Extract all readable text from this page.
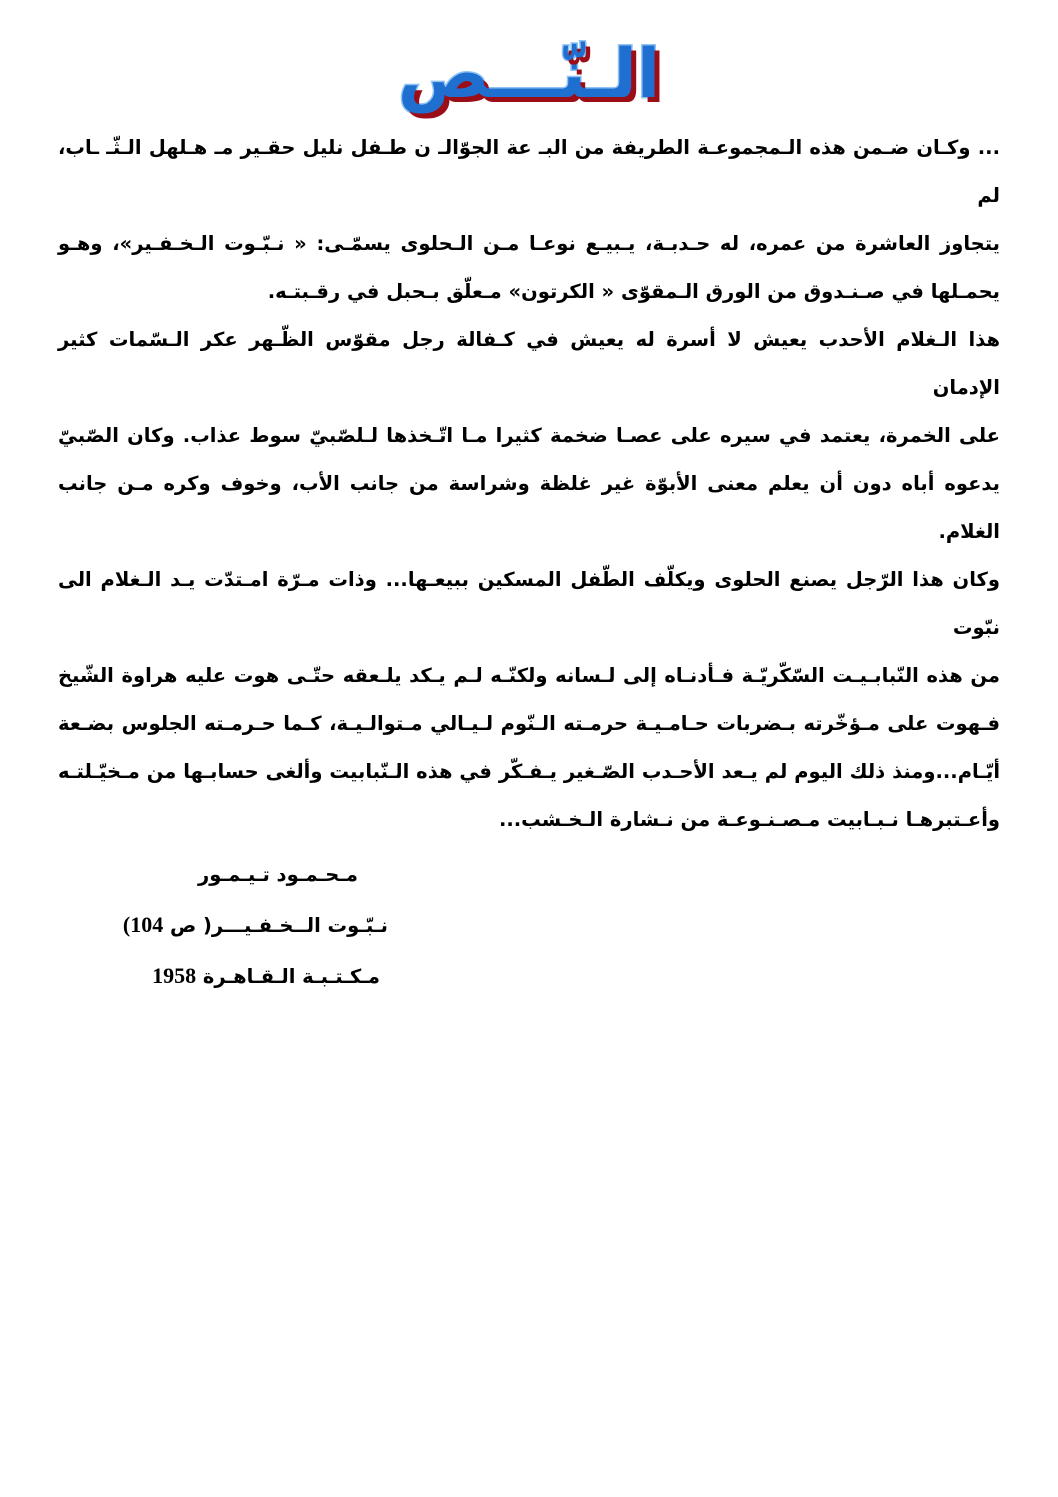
الـنّـــص
... وكـان ضـمن هذه الـمجموعـة الطريفة من البـ عة الجوّالـ ن طـفل نليل حقـير مـ هـلهل الـثّـ ـاب، لم
يتجاوز العاشرة من عمره، له حـدبـة، يـبيـع نوعـا مـن الـحلوى يسمّـى: « نـبّـوت الـخـفـير»، وهـو
يحمـلها في صـنـدوق من الورق الـمقوّى « الكرتون» مـعلّق بـحبل في رقـبتـه.
هذا الـغلام الأحدب يعيش لا أسرة له يعيش في كـفالة رجل مقوّس الظّـهر عكر الـسّمات كثير الإدمان
على الخمرة، يعتمد في سيره على عصـا ضخمة كثيرا مـا اتّـخذها لـلصّبيّ سوط عذاب. وكان الصّبيّ
يدعوه أباه دون أن يعلم معنى الأبوّة غير غلظة وشراسة من جانب الأب، وخوف وكره مـن جانب الغلام.
وكان هذا الرّجل يصنع الحلوى ويكلّف الطّفل المسكين ببيعـها... وذات مـرّة امـتدّت يـد الـغلام الى نبّوت
من هذه النّبابـيـت السّكّريّـة فـأدنـاه إلى لـسانه ولكنّـه لـم يـكد يلـعقه حتّـى هوت عليه هراوة الشّيخ
فـهوت على مـؤخّرته بـضربات حـامـيـة حرمـته الـنّوم لـيـالي مـتوالـيـة، كـما حـرمـته الجلوس بضـعة
أيّـام...ومنذ ذلك اليوم لم يـعد الأحـدب الصّـغير يـفـكّر في هذه الـنّبابيت وألغى حسابـها من مـخيّـلتـه
وأعـتبرهـا نـبـابيت مـصـنـوعـة من نـشارة الـخـشب...
مـحـمـود تـيـمـور
نـبّـوت الــخـفـيـــر( ص 104)
مـكـتـبـة الـقـاهـرة 1958
